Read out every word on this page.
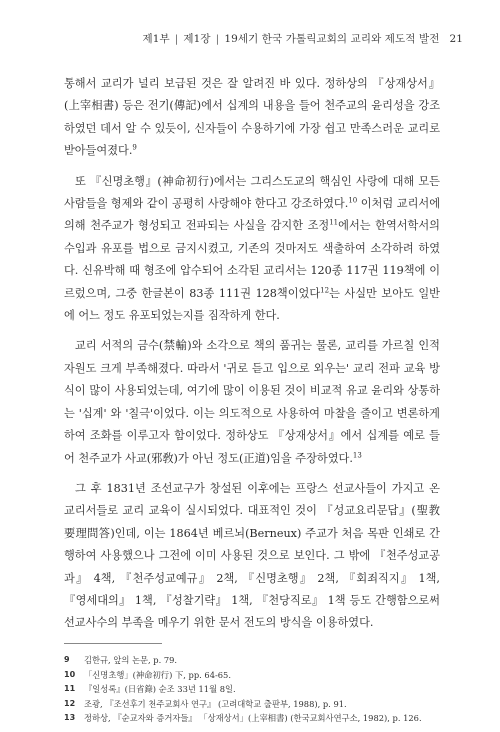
제1부 | 제1장 | 19세기 한국 가톨릭교회의 교리와 제도적 발전 21

통해서 교리가 널리 보급된 것은 잘 알려진 바 있다. 정하상의 『상재상서』(上宰相書) 등은 전기(傳記)에서 십계의 내용을 들어 천주교의 윤리성을 강조하였던 데서 알 수 있듯이, 신자들이 수용하기에 가장 쉽고 만족스러운 교리로 받아들여졌다.$^9$

또 『신명초행』(神命初行)에서는 그리스도교의 핵심인 사랑에 대해 모든 사람들을 형제와 같이 공평히 사랑해야 한다고 강조하였다.$^{10}$ 이처럼 교리서에 의해 천주교가 형성되고 전파되는 사실을 감지한 조정$^{11}$에서는 한역서학서의 수입과 유포를 법으로 금지시켰고, 기존의 것마저도 색출하여 소각하려 하였다. 신유박해 때 형조에 압수되어 소각된 교리서는 120종 117권 119책에 이르렀으며, 그중 한글본이 83종 111권 128책이었다$^{12}$는 사실만 보아도 일반에 어느 정도 유포되었는지를 짐작하게 한다.

교리 서적의 금수(禁輸)와 소각으로 책의 품귀는 물론, 교리를 가르칠 인적 자원도 크게 부족해졌다. 따라서 '귀로 듣고 입으로 외우는' 교리 전파 교육 방식이 많이 사용되었는데, 여기에 많이 이용된 것이 비교적 유교 윤리와 상통하는 '십계' 와 '칠극'이었다. 이는 의도적으로 사용하여 마찰을 줄이고 변론하게 하여 조화를 이루고자 함이었다. 정하상도 『상재상서』에서 십계를 예로 들어 천주교가 사교(邪敎)가 아닌 정도(正道)임을 주장하였다.$^{13}$

그 후 1831년 조선교구가 창설된 이후에는 프랑스 선교사들이 가지고 온 교리서들로 교리 교육이 실시되었다. 대표적인 것이 『성교요리문답』(聖教要理問答)인데, 이는 1864년 베르뇌(Berneux) 주교가 처음 목판 인쇄로 간행하여 사용했으나 그전에 이미 사용된 것으로 보인다. 그 밖에 『천주성교공과』 4책, 『천주성교예규』 2책, 『신명초행』 2책, 『회죄직지』 1책, 『영세대의』 1책, 『성찰기략』 1책, 『천당직로』 1책 등도 간행함으로써 선교사수의 부족을 메우기 위한 문서 전도의 방식을 이용하였다.

9	김한규, 앞의 논문, p. 79.
10	「신명초행」(神命初行) 下, pp. 64-65.
11	『일성록』(日省錄) 순조 33년 11월 8일.
12	조광, 『조선후기 천주교회사 연구』 (고려대학교 출판부, 1988), p. 91.
13	정하상, 『순교자와 증거자들』 「상재상서」(上宰相書) (한국교회사연구소, 1982), p. 126.
